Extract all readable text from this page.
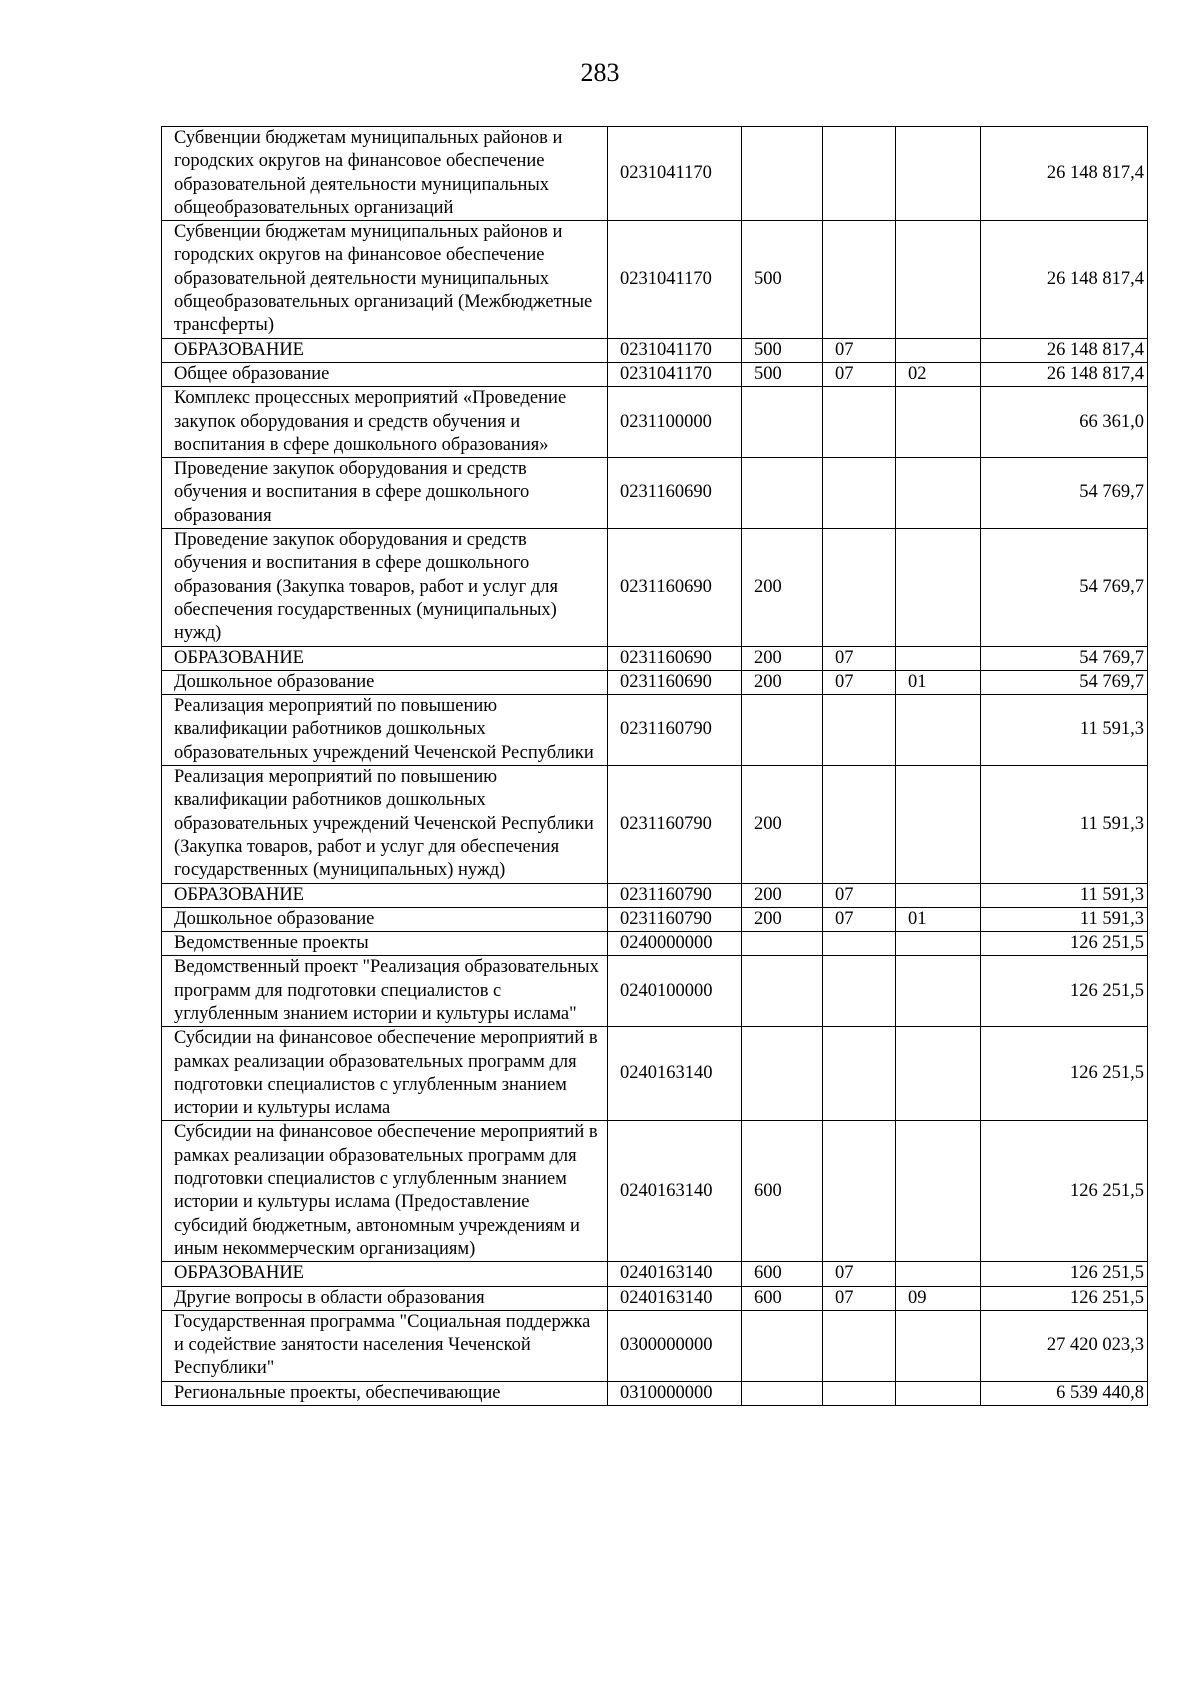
283
Субвенции бюджетам муниципальных районов и городских округов на финансовое обеспечение образовательной деятельности муниципальных общеобразовательных организаций	0231041170				26 148 817,4
Субвенции бюджетам муниципальных районов и городских округов на финансовое обеспечение образовательной деятельности муниципальных общеобразовательных организаций (Межбюджетные трансферты)	0231041170	500			26 148 817,4
ОБРАЗОВАНИЕ	0231041170	500	07		26 148 817,4
Общее образование	0231041170	500	07	02	26 148 817,4
Комплекс процессных мероприятий «Проведение закупок оборудования и средств обучения и воспитания в сфере дошкольного образования»	0231100000				66 361,0
Проведение закупок оборудования и средств обучения и воспитания в сфере дошкольного образования	0231160690				54 769,7
Проведение закупок оборудования и средств обучения и воспитания в сфере дошкольного образования (Закупка товаров, работ и услуг для обеспечения государственных (муниципальных) нужд)	0231160690	200			54 769,7
ОБРАЗОВАНИЕ	0231160690	200	07		54 769,7
Дошкольное образование	0231160690	200	07	01	54 769,7
Реализация мероприятий по повышению квалификации работников дошкольных образовательных учреждений Чеченской Республики	0231160790				11 591,3
Реализация мероприятий по повышению квалификации работников дошкольных образовательных учреждений Чеченской Республики (Закупка товаров, работ и услуг для обеспечения государственных (муниципальных) нужд)	0231160790	200			11 591,3
ОБРАЗОВАНИЕ	0231160790	200	07		11 591,3
Дошкольное образование	0231160790	200	07	01	11 591,3
Ведомственные проекты	0240000000				126 251,5
Ведомственный проект "Реализация образовательных программ для подготовки специалистов с углубленным знанием истории и культуры ислама"	0240100000				126 251,5
Субсидии на финансовое обеспечение мероприятий в рамках реализации образовательных программ для подготовки специалистов с углубленным знанием истории и культуры ислама	0240163140				126 251,5
Субсидии на финансовое обеспечение мероприятий в рамках реализации образовательных программ для подготовки специалистов с углубленным знанием истории и культуры ислама (Предоставление субсидий бюджетным, автономным учреждениям и иным некоммерческим организациям)	0240163140	600			126 251,5
ОБРАЗОВАНИЕ	0240163140	600	07		126 251,5
Другие вопросы в области образования	0240163140	600	07	09	126 251,5
Государственная программа "Социальная поддержка и содействие занятости населения Чеченской Республики"	0300000000				27 420 023,3
Региональные проекты, обеспечивающие	0310000000				6 539 440,8
